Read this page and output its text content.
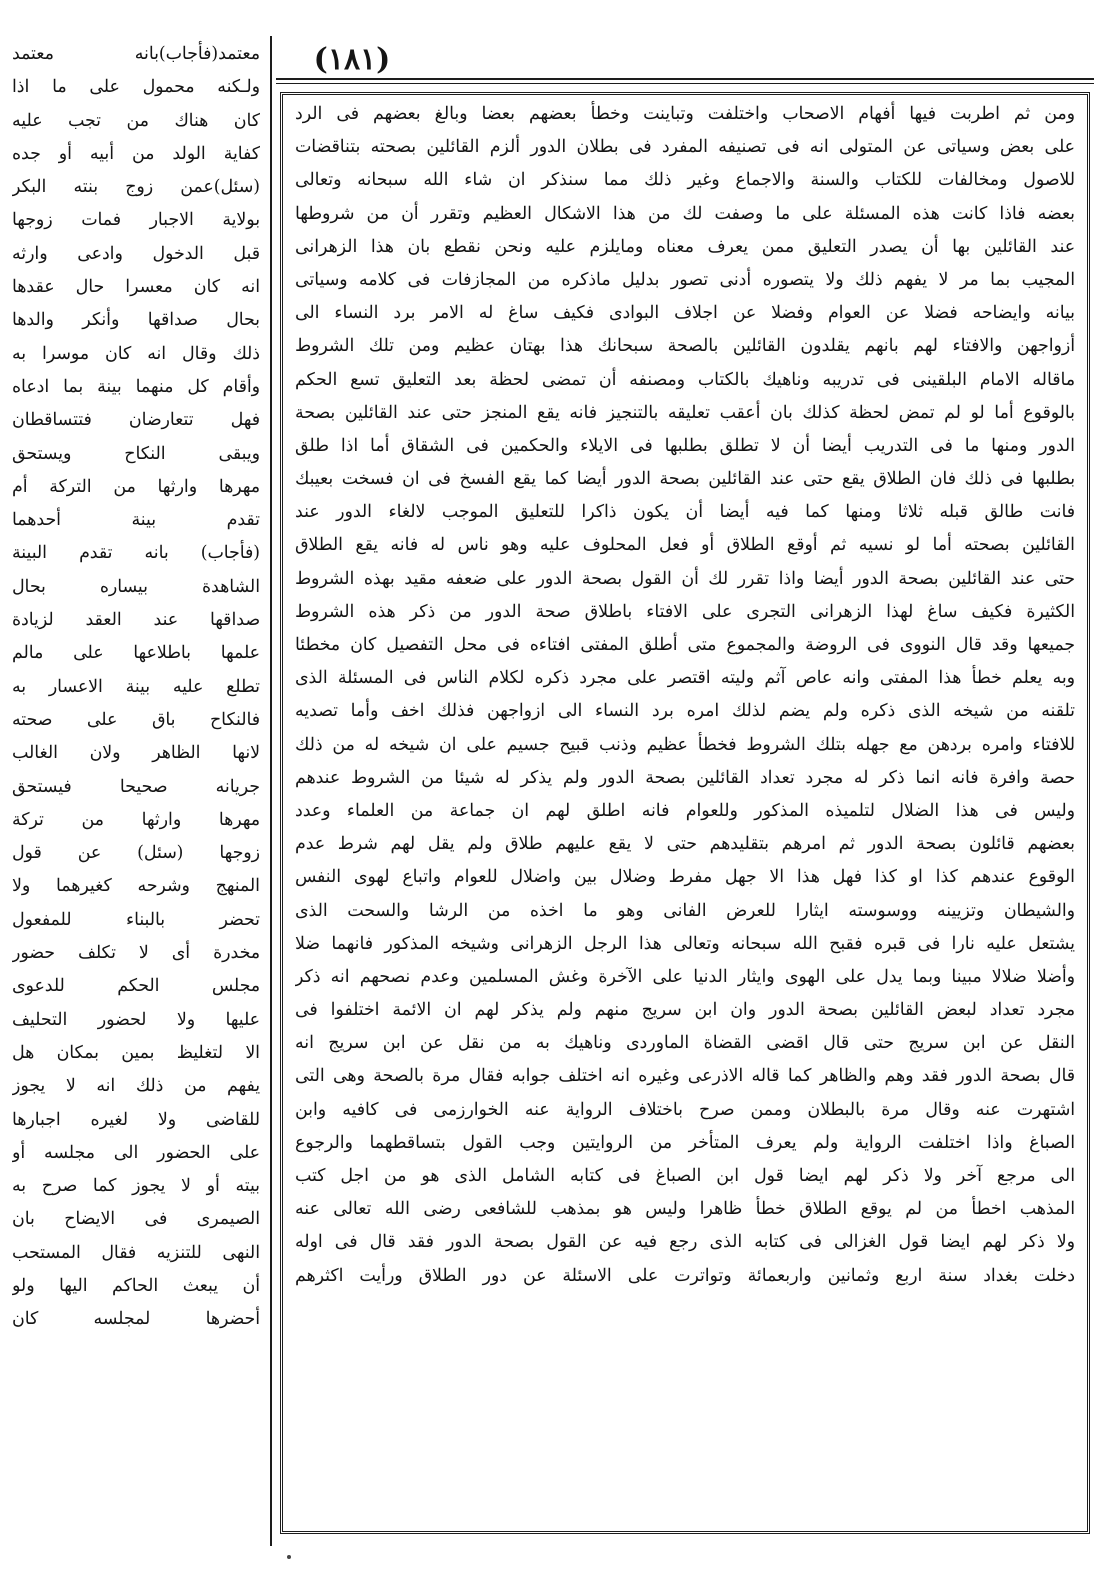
(١٨١)
معتمد(فأجاب)بانه معتمد
ولـكنه محمول على ما اذا
كان هناك من تجب عليه
كفاية الولد من أبيه أو جده
(سئل)عمن زوج بنته البكر
بولاية الاجبار فمات زوجها
قبل الدخول وادعى وارثه
انه كان معسرا حال عقدها
بحال صداقها وأنكر والدها
ذلك وقال انه كان موسرا به
وأقام كل منهما بينة بما ادعاه
فهل تتعارضان فتتساقطان
ويبقى النكاح ويستحق
مهرها وارثها من التركة أم
تقدم بينة أحدهما
(فأجاب) بانه تقدم البينة
الشاهدة بيساره بحال
صداقها عند العقد لزيادة
علمها باطلاعها على مالم
تطلع عليه بينة الاعسار به
فالنكاح باق على صحته
لانها الظاهر ولان الغالب
جريانه صحيحا فيستحق
مهرها وارثها من تركة
زوجها (سئل) عن قول
المنهج وشرحه كغيرهما ولا
تحضر بالبناء للمفعول
مخدرة أى لا تكلف حضور
مجلس الحكم للدعوى
عليها ولا لحضور التحليف
الا لتغليظ بمين بمكان هل
يفهم من ذلك انه لا يجوز
للقاضى ولا لغيره اجبارها
على الحضور الى مجلسه أو
بيته أو لا يجوز كما صرح به
الصيمرى فى الايضاح بان
النهى للتنزيه فقال المستحب
أن يبعث الحاكم اليها ولو
أحضرها لمجلسه كان
ومن ثم اطربت فيها أفهام الاصحاب واختلفت وتباينت وخطأ بعضهم بعضا وبالغ بعضهم فى الرد
على بعض وسياتى عن المتولى انه فى تصنيفه المفرد فى بطلان الدور ألزم القائلين بصحته بتناقضات
للاصول ومخالفات للكتاب والسنة والاجماع وغير ذلك مما سنذكر ان شاء الله سبحانه وتعالى
بعضه فاذا كانت هذه المسئلة على ما وصفت لك من هذا الاشكال العظيم وتقرر أن من شروطها
عند القائلين بها أن يصدر التعليق ممن يعرف معناه ومايلزم عليه ونحن نقطع بان هذا الزهرانى
المجيب بما مر لا يفهم ذلك ولا يتصوره أدنى تصور بدليل ماذكره من المجازفات فى كلامه وسياتى
بيانه وايضاحه فضلا عن العوام وفضلا عن اجلاف البوادى فكيف ساغ له الامر برد النساء الى
أزواجهن والافتاء لهم بانهم يقلدون القائلين بالصحة سبحانك هذا بهتان عظيم ومن تلك الشروط
ماقاله الامام البلقينى فى تدريبه وناهيك بالكتاب ومصنفه أن تمضى لحظة بعد التعليق تسع الحكم
بالوقوع أما لو لم تمض لحظة كذلك بان أعقب تعليقه بالتنجيز فانه يقع المنجز حتى عند القائلين بصحة
الدور ومنها ما فى التدريب أيضا أن لا تطلق بطلبها فى الايلاء والحكمين فى الشقاق أما اذا طلق
بطلبها فى ذلك فان الطلاق يقع حتى عند القائلين بصحة الدور أيضا كما يقع الفسخ فى ان فسخت بعيبك
فانت طالق قبله ثلاثا ومنها كما فيه أيضا أن يكون ذاكرا للتعليق الموجب لالغاء الدور عند
القائلين بصحته أما لو نسيه ثم أوقع الطلاق أو فعل المحلوف عليه وهو ناس له فانه يقع الطلاق
حتى عند القائلين بصحة الدور أيضا واذا تقرر لك أن القول بصحة الدور على ضعفه مقيد بهذه الشروط
الكثيرة فكيف ساغ لهذا الزهرانى التجرى على الافتاء باطلاق صحة الدور من ذكر هذه الشروط
جميعها وقد قال النووى فى الروضة والمجموع متى أطلق المفتى افتاءه فى محل التفصيل كان مخطئا
وبه يعلم خطأ هذا المفتى وانه عاص آثم وليته اقتصر على مجرد ذكره لكلام الناس فى المسئلة الذى
تلقنه من شيخه الذى ذكره ولم يضم لذلك امره برد النساء الى ازواجهن فذلك اخف وأما تصديه
للافتاء وامره بردهن مع جهله بتلك الشروط فخطأ عظيم وذنب قبيح جسيم على ان شيخه له من ذلك
حصة وافرة فانه انما ذكر له مجرد تعداد القائلين بصحة الدور ولم يذكر له شيئا من الشروط عندهم
وليس فى هذا الضلال لتلميذه المذكور وللعوام فانه اطلق لهم ان جماعة من العلماء وعدد
بعضهم قائلون بصحة الدور ثم امرهم بتقليدهم حتى لا يقع عليهم طلاق ولم يقل لهم شرط عدم
الوقوع عندهم كذا او كذا فهل هذا الا جهل مفرط وضلال بين واضلال للعوام واتباع لهوى النفس
والشيطان وتزيينه ووسوسته ايثارا للعرض الفانى وهو ما اخذه من الرشا والسحت الذى
يشتعل عليه نارا فى قبره فقبح الله سبحانه وتعالى هذا الرجل الزهرانى وشيخه المذكور فانهما ضلا
وأضلا ضلالا مبينا وبما يدل على الهوى وايثار الدنيا على الآخرة وغش المسلمين وعدم نصحهم انه ذكر
مجرد تعداد لبعض القائلين بصحة الدور وان ابن سريج منهم ولم يذكر لهم ان الائمة اختلفوا فى
النقل عن ابن سريج حتى قال اقضى القضاة الماوردى وناهيك به من نقل عن ابن سريج انه
قال بصحة الدور فقد وهم والظاهر كما قاله الاذرعى وغيره انه اختلف جوابه فقال مرة بالصحة وهى التى
اشتهرت عنه وقال مرة بالبطلان وممن صرح باختلاف الرواية عنه الخوارزمى فى كافيه وابن
الصباغ واذا اختلفت الرواية ولم يعرف المتأخر من الروايتين وجب القول بتساقطهما والرجوع
الى مرجع آخر ولا ذكر لهم ايضا قول ابن الصباغ فى كتابه الشامل الذى هو من اجل كتب
المذهب اخطأ من لم يوقع الطلاق خطأ ظاهرا وليس هو بمذهب للشافعى رضى الله تعالى عنه
ولا ذكر لهم ايضا قول الغزالى فى كتابه الذى رجع فيه عن القول بصحة الدور فقد قال فى اوله
دخلت بغداد سنة اربع وثمانين واربعمائة وتواترت على الاسئلة عن دور الطلاق ورأيت اكثرهم
